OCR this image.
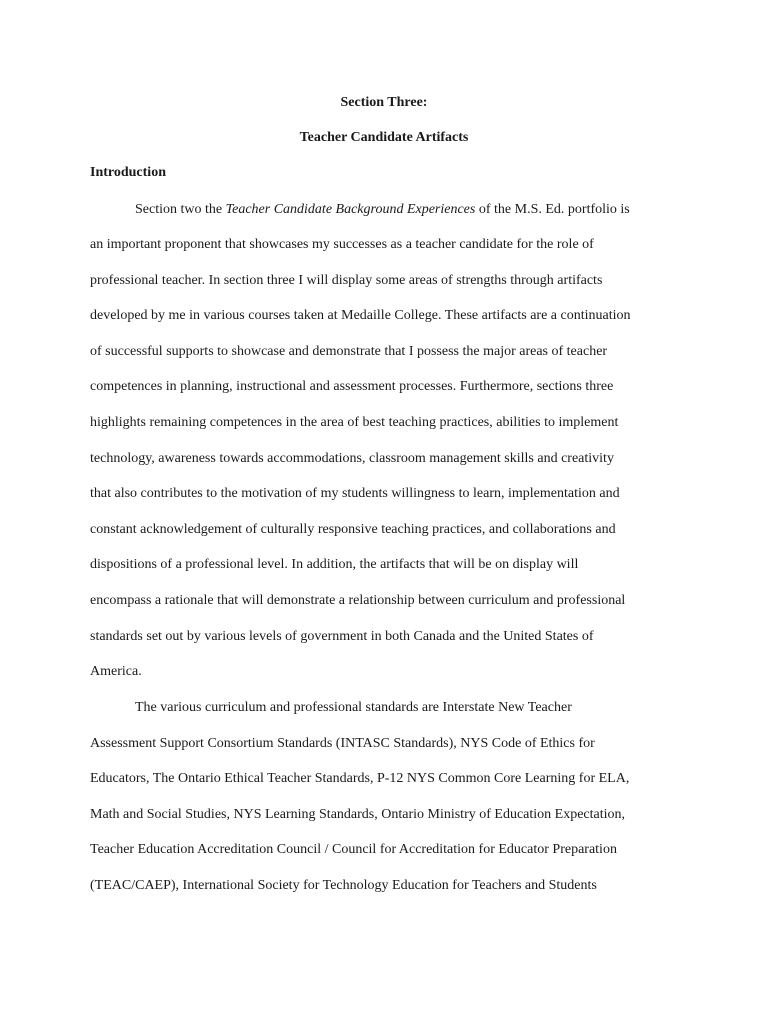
Section Three:
Teacher Candidate Artifacts
Introduction
Section two the Teacher Candidate Background Experiences of the M.S. Ed. portfolio is
an important proponent that showcases my successes as a teacher candidate for the role of
professional teacher. In section three I will display some areas of strengths through artifacts
developed by me in various courses taken at Medaille College. These artifacts are a continuation
of successful supports to showcase and demonstrate that I possess the major areas of teacher
competences in planning, instructional and assessment processes. Furthermore, sections three
highlights remaining competences in the area of best teaching practices, abilities to implement
technology, awareness towards accommodations, classroom management skills and creativity
that also contributes to the motivation of my students willingness to learn, implementation and
constant acknowledgement of culturally responsive teaching practices, and collaborations and
dispositions of a professional level. In addition, the artifacts that will be on display will
encompass a rationale that will demonstrate a relationship between curriculum and professional
standards set out by various levels of government in both Canada and the United States of
America.
The various curriculum and professional standards are Interstate New Teacher
Assessment Support Consortium Standards (INTASC Standards), NYS Code of Ethics for
Educators, The Ontario Ethical Teacher Standards, P-12 NYS Common Core Learning for ELA,
Math and Social Studies, NYS Learning Standards, Ontario Ministry of Education Expectation,
Teacher Education Accreditation Council / Council for Accreditation for Educator Preparation
(TEAC/CAEP), International Society for Technology Education for Teachers and Students
